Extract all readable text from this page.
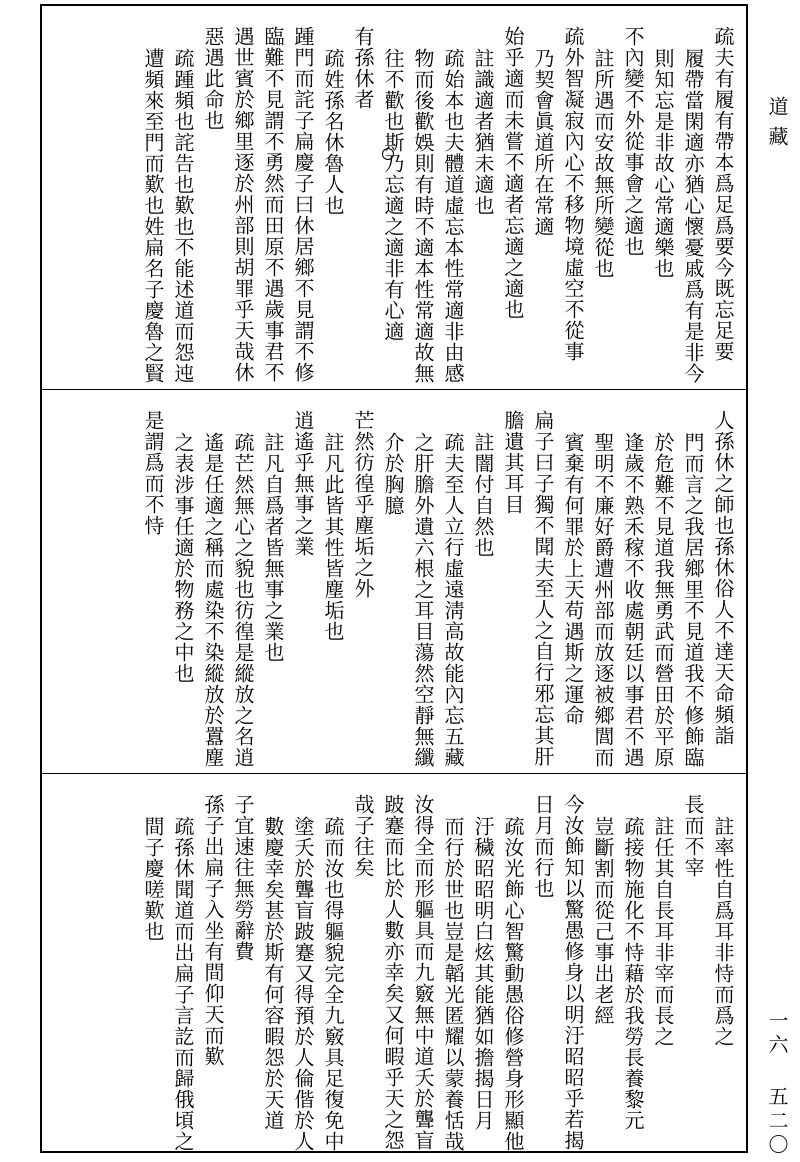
疏夫有履有帶本爲足爲要今既忘足要
履帶當閑適亦猶心懷憂戚爲有是非今
則知忘是非故心常適樂也
不內變不外從事會之適也
註所遇而安故無所變從也
疏外智凝寂內心不移物境虛空不從事
乃契會眞道所在常適
始乎適而未嘗不適者忘適之適也
註識適者猶未適也
疏始本也夫體道虛忘本性常適非由感
物而後歡娛則有時不適本性常適故無
往不歡也斯乃忘適之適非有心適
有孫休者
疏姓孫名休魯人也
踵門而詫子扁慶子曰休居鄉不見謂不修
臨難不見謂不勇然而田原不遇歲事君不
遇世賓於鄉里逐於州部則胡罪乎天哉休
惡遇此命也
疏踵頻也詫告也歎也不能述道而怨迍
遭頻來至門而歎也姓扁名子慶魯之賢
人孫休之師也孫休俗人不達天命頻詣
門而言之我居鄉里不見道我不修飾臨
於危難不見道我無勇武而營田於平原
逢歲不熟禾稼不收處朝廷以事君不遇
聖明不廉好爵遭州部而放逐被鄉閭而
賓棄有何罪於上天苟遇斯之運命
扁子曰子獨不聞夫至人之自行邪忘其肝
膽遺其耳目
註闇付自然也
疏夫至人立行虛遠淸高故能內忘五藏
之肝膽外遺六根之耳目蕩然空靜無纖
介於胸臆
芒然彷徨乎塵垢之外
註凡此皆其性皆塵垢也
逍遙乎無事之業
註凡自爲者皆無事之業也
疏芒然無心之貌也彷徨是縱放之名逍
遙是任適之稱而處染不染縱放於囂塵
之表涉事任適於物務之中也
是謂爲而不恃
註率性自爲耳非恃而爲之
長而不宰
註任其自長耳非宰而長之
疏接物施化不恃藉於我勞長養黎元
豈斷割而從己事出老經
今汝飾知以驚愚修身以明汙昭昭乎若揭
日月而行也
疏汝光飾心智驚動愚俗修營身形顯他
汙穢昭昭明白炫其能猶如擔揭日月
而行於世也豈是韜光匿耀以蒙養恬哉
汝得全而形軀具而九竅無中道夭於聾盲
跛蹇而比於人數亦幸矣又何暇乎天之怨
哉子往矣
疏而汝也得軀貌完全九竅具足復免中
塗夭於聾盲跛蹇又得預於人倫偕於人
數慶幸矣甚於斯有何容暇怨於天道
子宜速往無勞辭費
孫子出扁子入坐有間仰天而歎
疏孫休聞道而出扁子言訖而歸俄頃之
間子慶嗟歎也
道藏
一六 五二〇
